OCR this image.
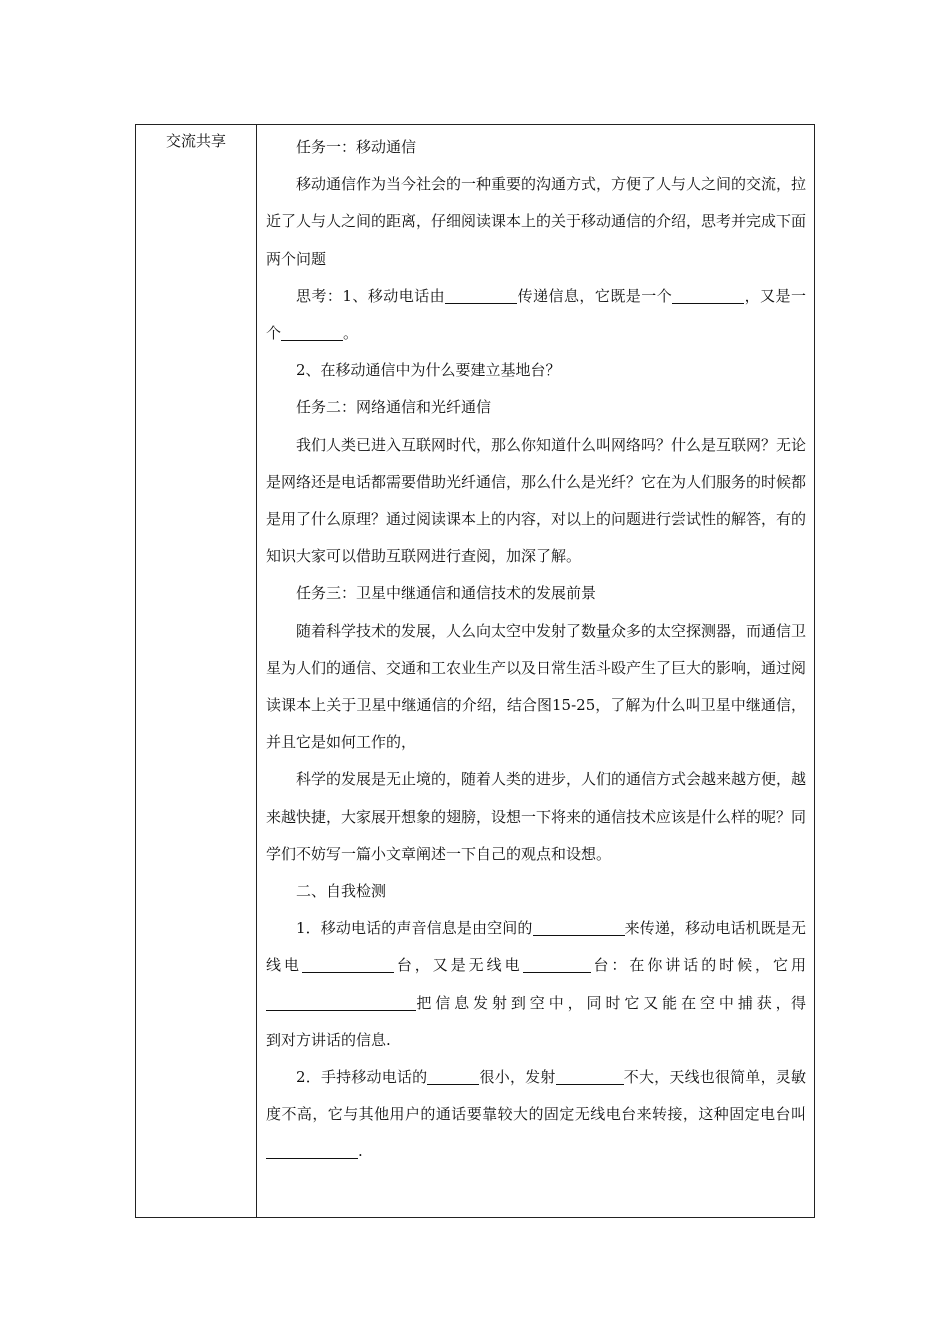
交流共享	任务一：移动通信

移动通信作为当今社会的一种重要的沟通方式，方便了人与人之间的交流，拉近了人与人之间的距离，仔细阅读课本上的关于移动通信的介绍，思考并完成下面两个问题

思考：1、移动电话由	传递信息，它既是一个	，又是一个	。

2、在移动通信中为什么要建立基地台？

任务二：网络通信和光纤通信

我们人类已进入互联网时代，那么你知道什么叫网络吗？什么是互联网？无论是网络还是电话都需要借助光纤通信，那么什么是光纤？它在为人们服务的时候都是用了什么原理？通过阅读课本上的内容，对以上的问题进行尝试性的解答，有的知识大家可以借助互联网进行查阅，加深了解。

任务三：卫星中继通信和通信技术的发展前景

随着科学技术的发展，人么向太空中发射了数量众多的太空探测器，而通信卫星为人们的通信、交通和工农业生产以及日常生活斗殴产生了巨大的影响，通过阅读课本上关于卫星中继通信的介绍，结合图15-25，了解为什么叫卫星中继通信，并且它是如何工作的，

科学的发展是无止境的，随着人类的进步，人们的通信方式会越来越方便，越来越快捷，大家展开想象的翅膀，设想一下将来的通信技术应该是什么样的呢？同学们不妨写一篇小文章阐述一下自己的观点和设想。

二、自我检测

1．移动电话的声音信息是由空间的	来传递，移动电话机既是无线电	台，又是无线电	台：在你讲话的时候，它用把信息发射到空中，同时它又能在空中捕获，得到对方讲话的信息.

2．手持移动电话的	很小，发射	不大，天线也很简单，灵敏度不高，它与其他用户的通话要靠较大的固定无线电台来转接，这种固定电台叫.
